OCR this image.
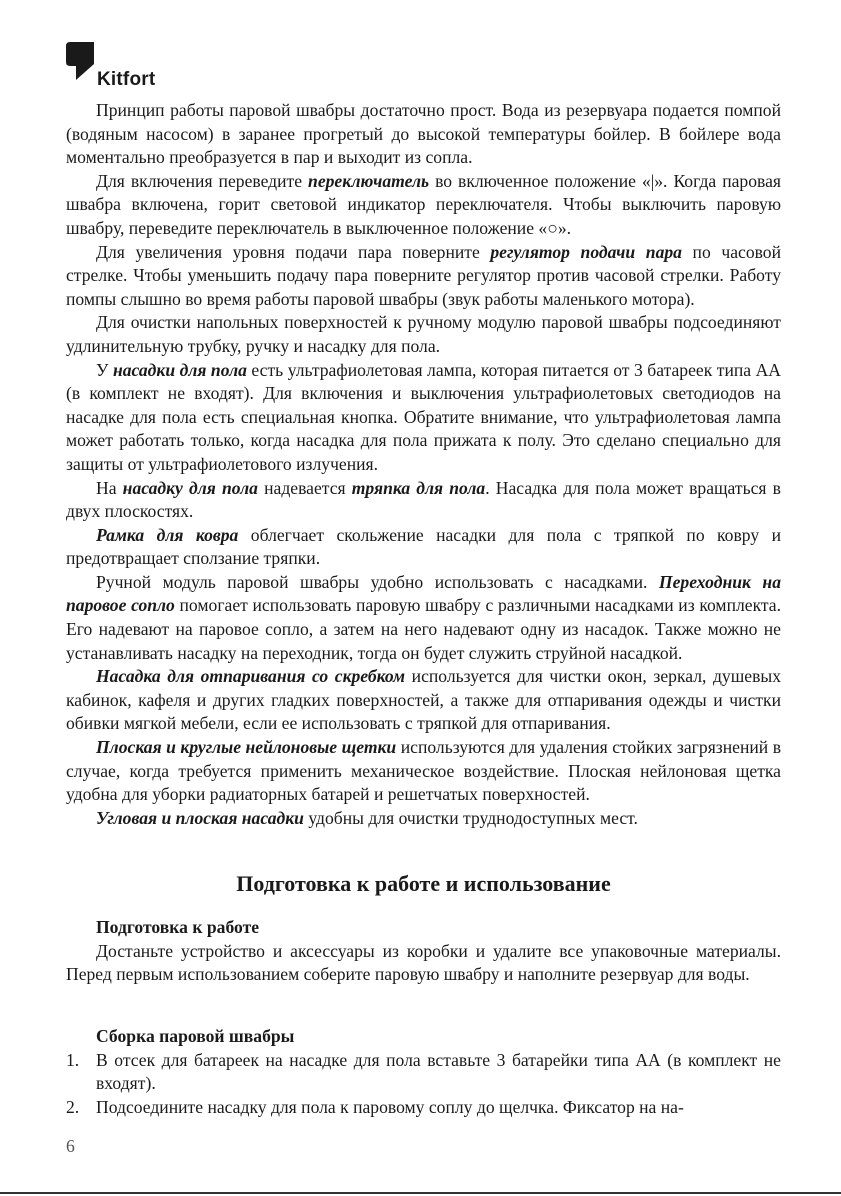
Kitfort

Принцип работы паровой швабры достаточно прост. Вода из резервуара подается помпой (водяным насосом) в заранее прогретый до высокой температуры бойлер. В бойлере вода моментально преобразуется в пар и выходит из сопла.

Для включения переведите переключатель во включенное положение «|». Когда паровая швабра включена, горит световой индикатор переключателя. Чтобы выключить паровую швабру, переведите переключатель в выключенное положение «○».

Для увеличения уровня подачи пара поверните регулятор подачи пара по часовой стрелке. Чтобы уменьшить подачу пара поверните регулятор против часовой стрелки. Работу помпы слышно во время работы паровой швабры (звук работы маленького мотора).

Для очистки напольных поверхностей к ручному модулю паровой швабры подсоединяют удлинительную трубку, ручку и насадку для пола.

У насадки для пола есть ультрафиолетовая лампа, которая питается от 3 батареек типа АА (в комплект не входят). Для включения и выключения ультрафиолетовых светодиодов на насадке для пола есть специальная кнопка. Обратите внимание, что ультрафиолетовая лампа может работать только, когда насадка для пола прижата к полу. Это сделано специально для защиты от ультрафиолетового излучения.

На насадку для пола надевается тряпка для пола. Насадка для пола может вращаться в двух плоскостях.

Рамка для ковра облегчает скольжение насадки для пола с тряпкой по ковру и предотвращает сползание тряпки.

Ручной модуль паровой швабры удобно использовать с насадками. Переходник на паровое сопло помогает использовать паровую швабру с различными насадками из комплекта. Его надевают на паровое сопло, а затем на него надевают одну из насадок. Также можно не устанавливать насадку на переходник, тогда он будет служить струйной насадкой.

Насадка для отпаривания со скребком используется для чистки окон, зеркал, душевых кабинок, кафеля и других гладких поверхностей, а также для отпаривания одежды и чистки обивки мягкой мебели, если ее использовать с тряпкой для отпаривания.

Плоская и круглые нейлоновые щетки используются для удаления стойких загрязнений в случае, когда требуется применить механическое воздействие. Плоская нейлоновая щетка удобна для уборки радиаторных батарей и решетчатых поверхностей.

Угловая и плоская насадки удобны для очистки труднодоступных мест.

Подготовка к работе и использование
Подготовка к работе

Достаньте устройство и аксессуары из коробки и удалите все упаковочные материалы. Перед первым использованием соберите паровую швабру и наполните резервуар для воды.

Сборка паровой швабры
1. В отсек для батареек на насадке для пола вставьте 3 батарейки типа АА (в комплект не входят).
2. Подсоедините насадку для пола к паровому соплу до щелчка. Фиксатор на на-
6
